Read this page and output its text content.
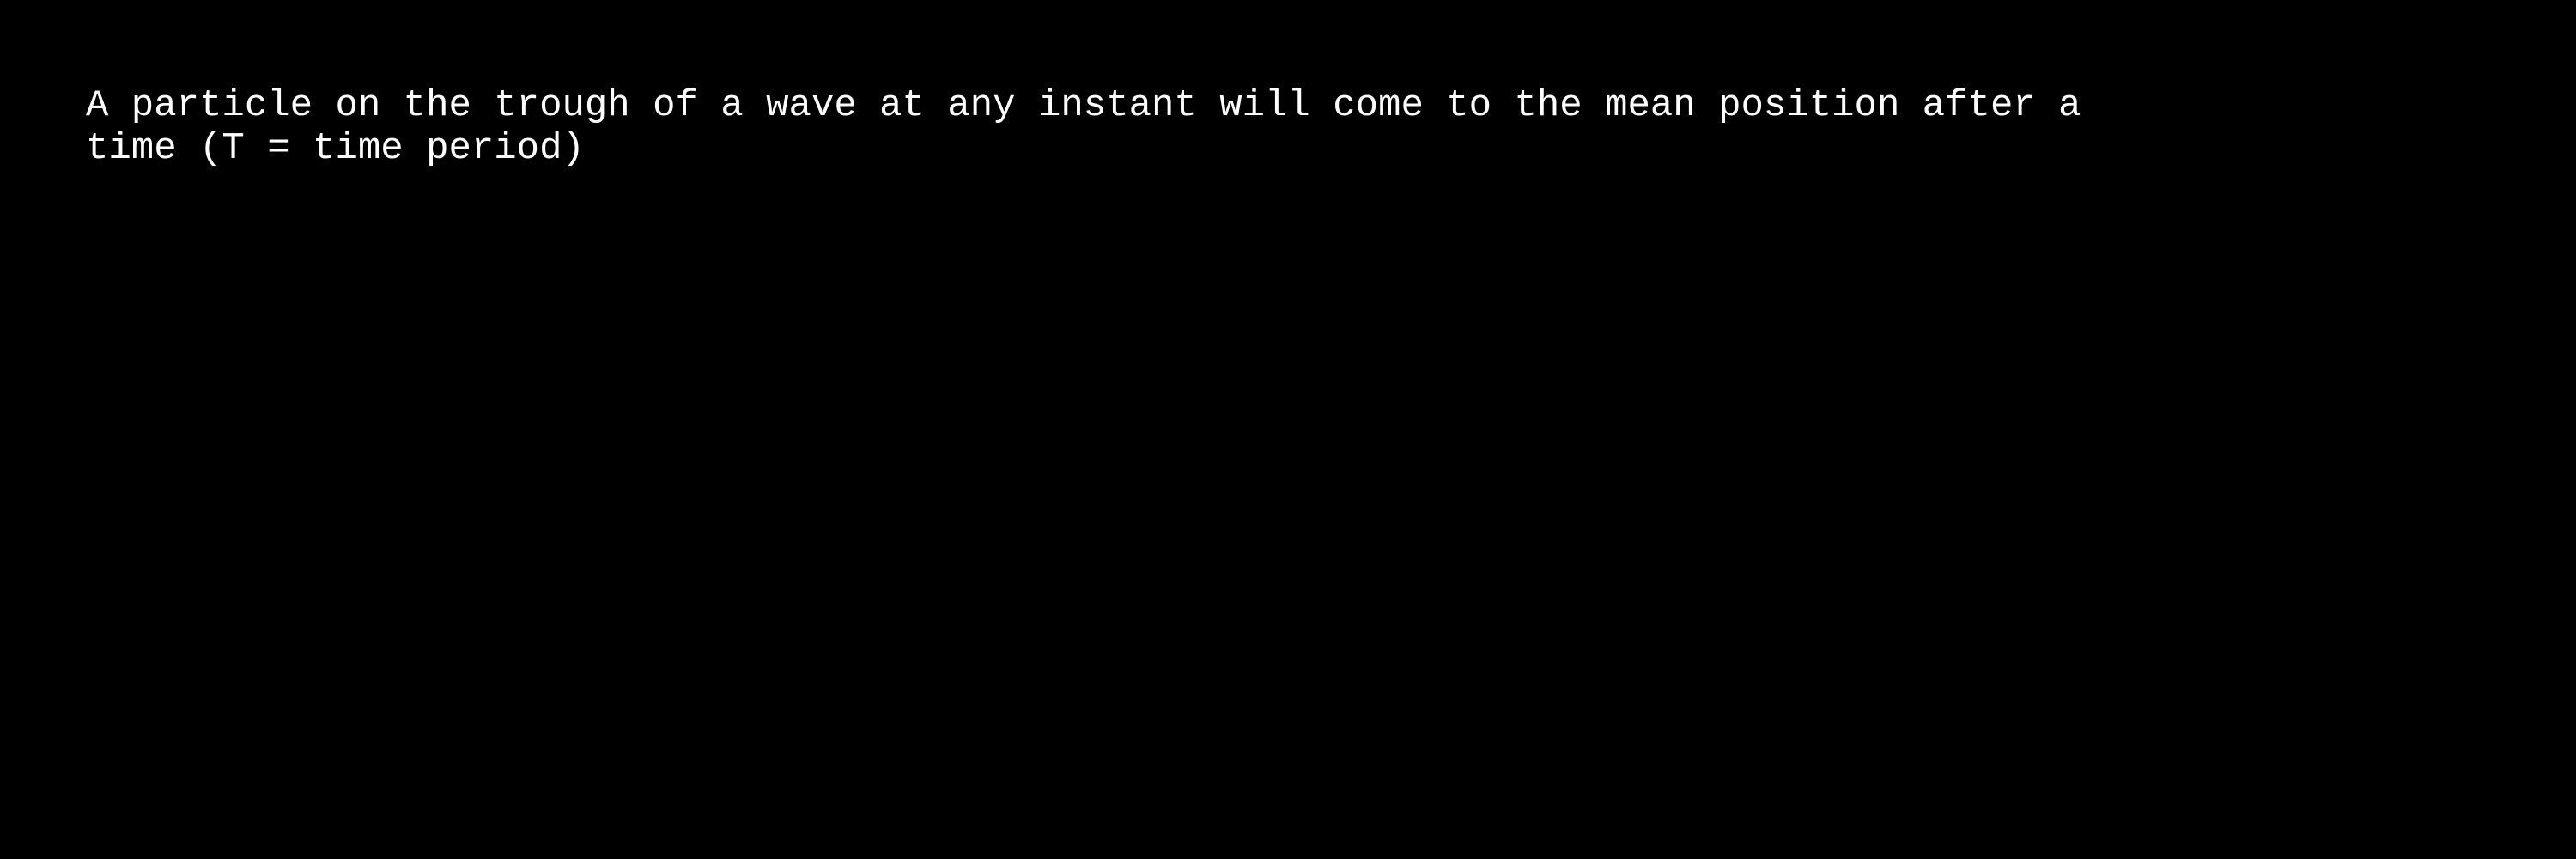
A particle on the trough of a wave at any instant will come to the mean position after a
time (T = time period)
